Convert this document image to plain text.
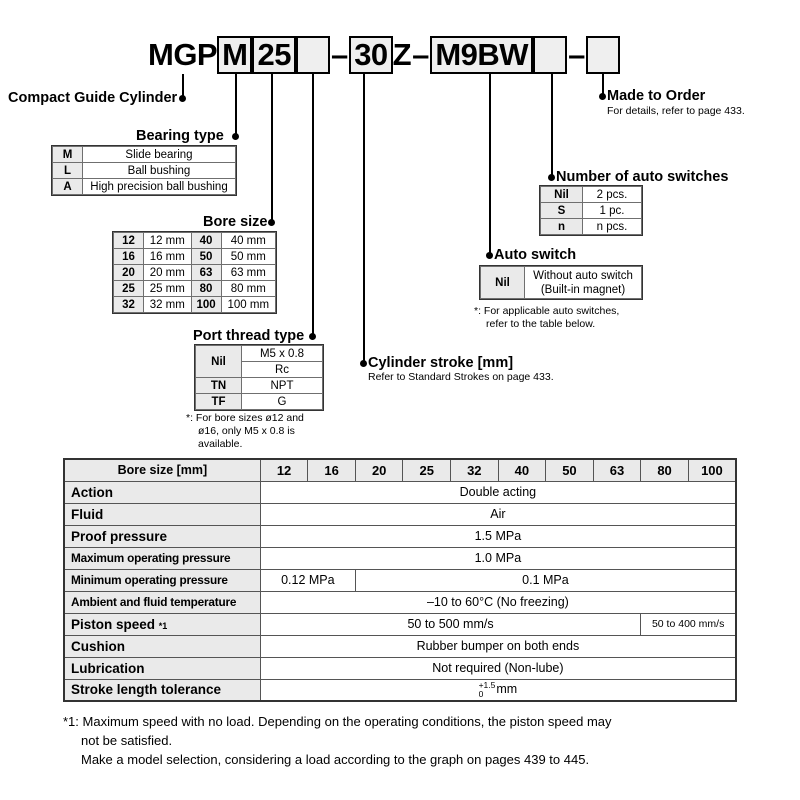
MGP M 25 – 30 Z – M9BW –
Compact Guide Cylinder
Bearing type
Bore size
Port thread type
Cylinder stroke [mm]
Refer to Standard Strokes on page 433.
Auto switch
Number of auto switches
Made to Order
For details, refer to page 433.
M	Slide bearing
L	Ball bushing
A	High precision ball bushing
12	12 mm	40	40 mm
16	16 mm	50	50 mm
20	20 mm	63	63 mm
25	25 mm	80	80 mm
32	32 mm	100	100 mm
Nil	M5 x 0.8
	Rc
TN	NPT
TF	G
*: For bore sizes ø12 and
ø16, only M5 x 0.8 is
available.
Nil	2 pcs.
S	1 pc.
n	n pcs.
Nil	Without auto switch
(Built-in magnet)
*: For applicable auto switches,
refer to the table below.
Bore size [mm]	12	16	20	25	32	40	50	63	80	100
Action	Double acting									
Fluid	Air									
Proof pressure	1.5 MPa									
Maximum operating pressure	1.0 MPa									
Minimum operating pressure	0.12 MPa		0.1 MPa							
Ambient and fluid temperature	–10 to 60°C (No freezing)									
Piston speed *1	50 to 500 mm/s								50 to 400 mm/s	
Cushion	Rubber bumper on both ends									
Lubrication	Not required (Non-lube)									
Stroke length tolerance	+1.5
0 mm									
*1: Maximum speed with no load. Depending on the operating conditions, the piston speed may
not be satisfied.
Make a model selection, considering a load according to the graph on pages 439 to 445.
